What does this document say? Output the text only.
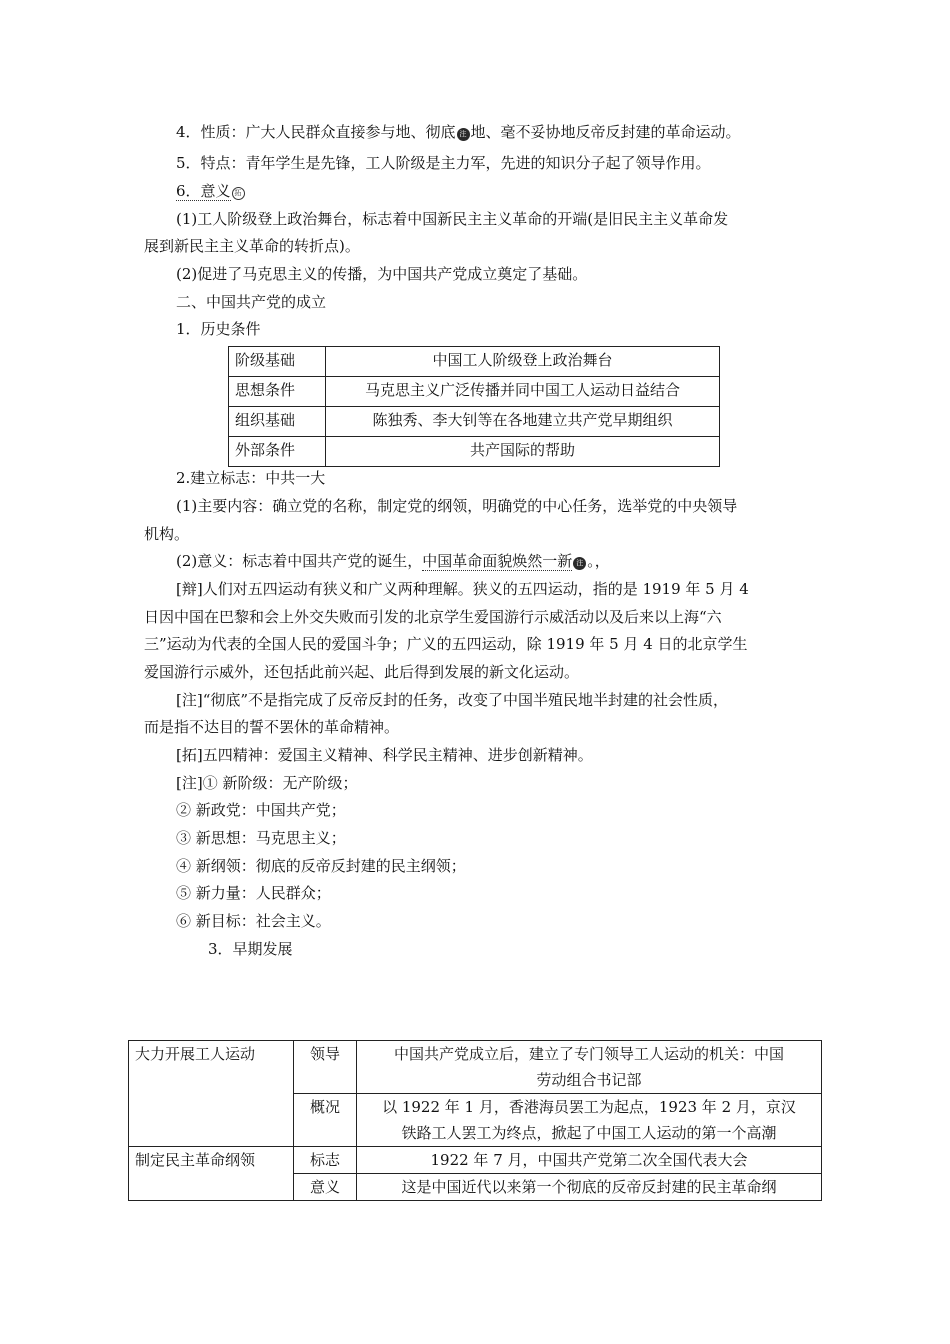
4．性质：广大人民群众直接参与地、彻底 注 地、毫不妥协地反帝反封建的革命运动。
5．特点：青年学生是先锋，工人阶级是主力军，先进的知识分子起了领导作用。
6．意义 拓
(1)工人阶级登上政治舞台，标志着中国新民主主义革命的开端(是旧民主主义革命发
展到新民主主义革命的转折点)。
(2)促进了马克思主义的传播，为中国共产党成立奠定了基础。
二、中国共产党的成立
1．历史条件
阶级基础	中国工人阶级登上政治舞台
思想条件	马克思主义广泛传播并同中国工人运动日益结合
组织基础	陈独秀、李大钊等在各地建立共产党早期组织
外部条件	共产国际的帮助
2.建立标志：中共一大
(1)主要内容：确立党的名称，制定党的纲领，明确党的中心任务，选举党的中央领导
机构。
(2)意义：标志着中国共产党的诞生，中国革命面貌焕然一新 注 。，
[辩]人们对五四运动有狭义和广义两种理解。狭义的五四运动，指的是 1919 年 5 月 4
日因中国在巴黎和会上外交失败而引发的北京学生爱国游行示威活动以及后来以上海“六
三”运动为代表的全国人民的爱国斗争；广义的五四运动，除 1919 年 5 月 4 日的北京学生
爱国游行示威外，还包括此前兴起、此后得到发展的新文化运动。
[注]“彻底”不是指完成了反帝反封的任务，改变了中国半殖民地半封建的社会性质，
而是指不达目的誓不罢休的革命精神。
[拓]五四精神：爱国主义精神、科学民主精神、进步创新精神。
[注]① 新阶级：无产阶级；
② 新政党：中国共产党；
③ 新思想：马克思主义；
④ 新纲领：彻底的反帝反封建的民主纲领；
⑤ 新力量：人民群众；
⑥ 新目标：社会主义。
3．早期发展
大力开展工人运动	领导	中国共产党成立后，建立了专门领导工人运动的机关：中国
劳动组合书记部

	概况	以 1922 年 1 月，香港海员罢工为起点，1923 年 2 月，京汉
铁路工人罢工为终点，掀起了中国工人运动的第一个高潮

制定民主革命纲领	标志	1922 年 7 月，中国共产党第二次全国代表大会
	意义	这是中国近代以来第一个彻底的反帝反封建的民主革命纲
